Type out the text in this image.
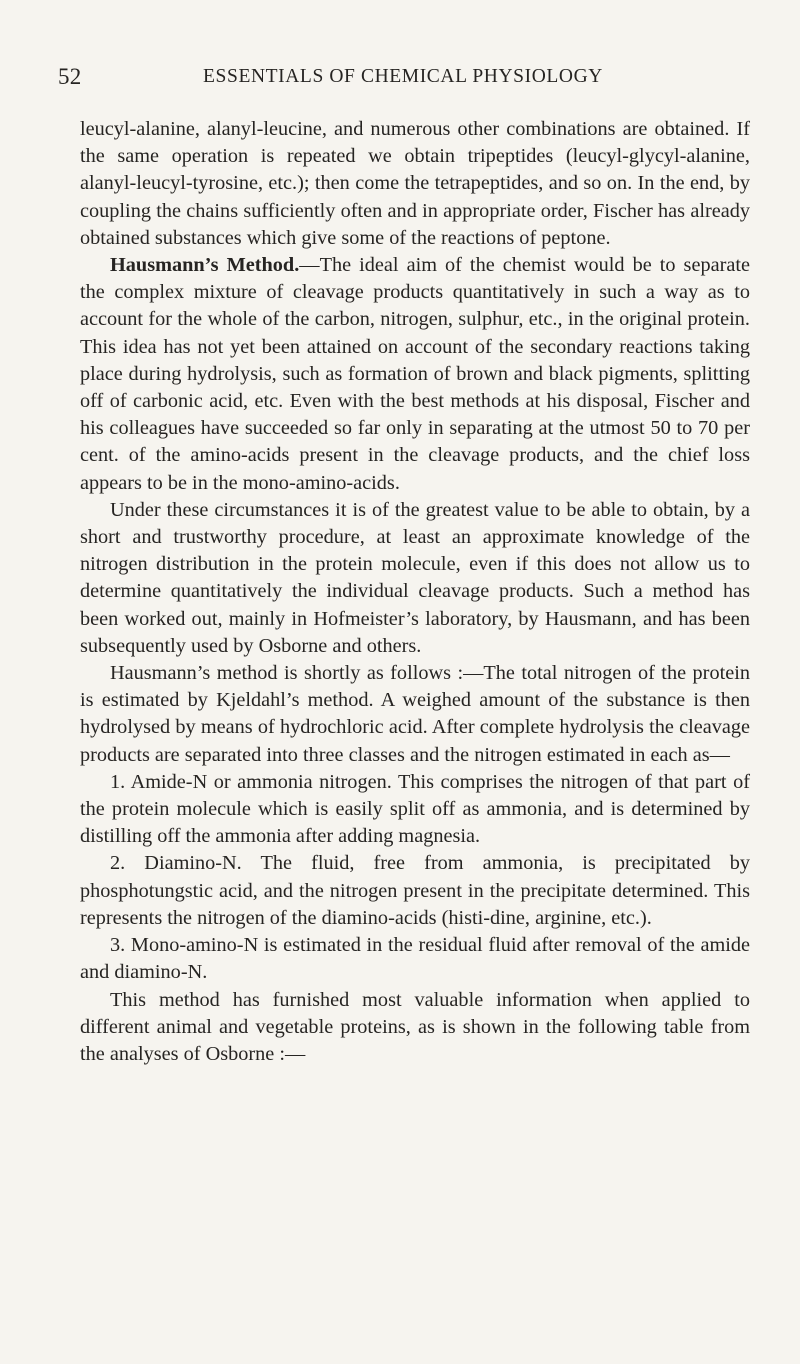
52	ESSENTIALS OF CHEMICAL PHYSIOLOGY

leucyl-alanine, alanyl-leucine, and numerous other combinations are obtained. If the same operation is repeated we obtain tripeptides (leucyl-glycyl-alanine, alanyl-leucyl-tyrosine, etc.); then come the tetrapeptides, and so on. In the end, by coupling the chains sufficiently often and in appropriate order, Fischer has already obtained substances which give some of the reactions of peptone.

Hausmann’s Method.—The ideal aim of the chemist would be to separate the complex mixture of cleavage products quantitatively in such a way as to account for the whole of the carbon, nitrogen, sulphur, etc., in the original protein. This idea has not yet been attained on account of the secondary reactions taking place during hydrolysis, such as formation of brown and black pigments, splitting off of carbonic acid, etc. Even with the best methods at his disposal, Fischer and his colleagues have succeeded so far only in separating at the utmost 50 to 70 per cent. of the amino-acids present in the cleavage products, and the chief loss appears to be in the mono-amino-acids.

Under these circumstances it is of the greatest value to be able to obtain, by a short and trustworthy procedure, at least an approximate knowledge of the nitrogen distribution in the protein molecule, even if this does not allow us to determine quantitatively the individual cleavage products. Such a method has been worked out, mainly in Hofmeister’s laboratory, by Hausmann, and has been subsequently used by Osborne and others.

Hausmann’s method is shortly as follows :—The total nitrogen of the protein is estimated by Kjeldahl’s method. A weighed amount of the substance is then hydrolysed by means of hydrochloric acid. After complete hydrolysis the cleavage products are separated into three classes and the nitrogen estimated in each as—

1. Amide-N or ammonia nitrogen. This comprises the nitrogen of that part of the protein molecule which is easily split off as ammonia, and is determined by distilling off the ammonia after adding magnesia.

2. Diamino-N. The fluid, free from ammonia, is precipitated by phosphotungstic acid, and the nitrogen present in the precipitate determined. This represents the nitrogen of the diamino-acids (histi-dine, arginine, etc.).

3. Mono-amino-N is estimated in the residual fluid after removal of the amide and diamino-N.

This method has furnished most valuable information when applied to different animal and vegetable proteins, as is shown in the following table from the analyses of Osborne :—
